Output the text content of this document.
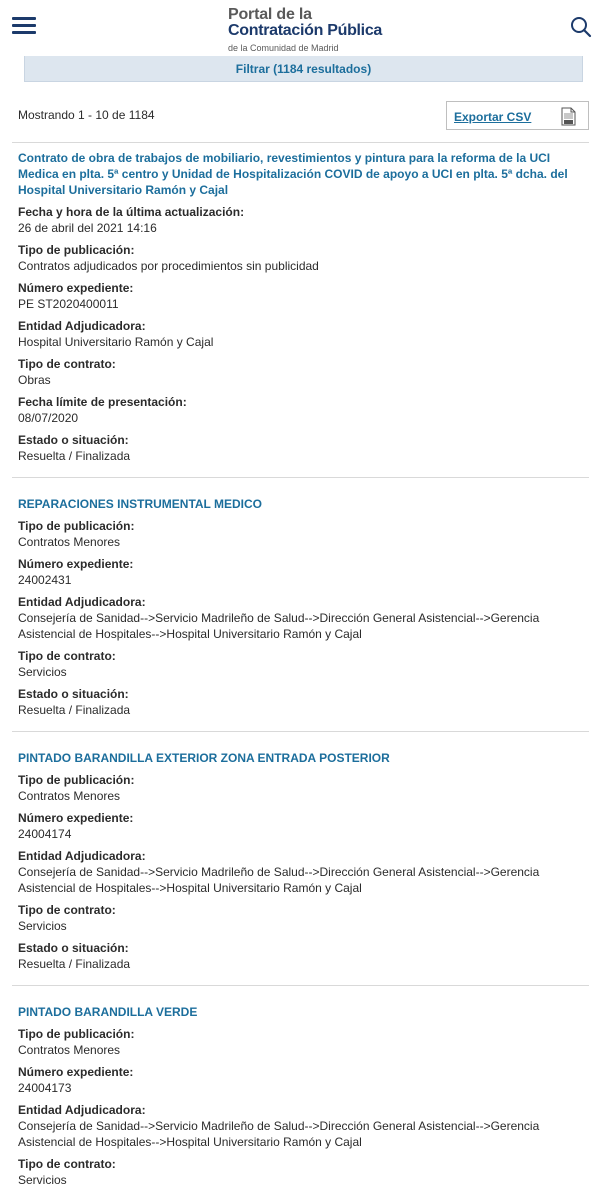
Portal de la
Contratación Pública
de la Comunidad de Madrid
Filtrar (1184 resultados)
Mostrando 1 - 10 de 1184	Exportar CSV
Contrato de obra de trabajos de mobiliario, revestimientos y pintura para la reforma de la UCI Medica en plta. 5ª centro y Unidad de Hospitalización COVID de apoyo a UCI en plta. 5ª dcha. del Hospital Universitario Ramón y Cajal
Fecha y hora de la última actualización:
26 de abril del 2021 14:16
Tipo de publicación:
Contratos adjudicados por procedimientos sin publicidad
Número expediente:
PE ST2020400011
Entidad Adjudicadora:
Hospital Universitario Ramón y Cajal
Tipo de contrato:
Obras
Fecha límite de presentación:
08/07/2020
Estado o situación:
Resuelta / Finalizada
REPARACIONES INSTRUMENTAL MEDICO
Tipo de publicación:
Contratos Menores
Número expediente:
24002431
Entidad Adjudicadora:
Consejería de Sanidad-->Servicio Madrileño de Salud-->Dirección General Asistencial-->Gerencia Asistencial de Hospitales-->Hospital Universitario Ramón y Cajal
Tipo de contrato:
Servicios
Estado o situación:
Resuelta / Finalizada
PINTADO BARANDILLA EXTERIOR ZONA ENTRADA POSTERIOR
Tipo de publicación:
Contratos Menores
Número expediente:
24004174
Entidad Adjudicadora:
Consejería de Sanidad-->Servicio Madrileño de Salud-->Dirección General Asistencial-->Gerencia Asistencial de Hospitales-->Hospital Universitario Ramón y Cajal
Tipo de contrato:
Servicios
Estado o situación:
Resuelta / Finalizada
PINTADO BARANDILLA VERDE
Tipo de publicación:
Contratos Menores
Número expediente:
24004173
Entidad Adjudicadora:
Consejería de Sanidad-->Servicio Madrileño de Salud-->Dirección General Asistencial-->Gerencia Asistencial de Hospitales-->Hospital Universitario Ramón y Cajal
Tipo de contrato:
Servicios
